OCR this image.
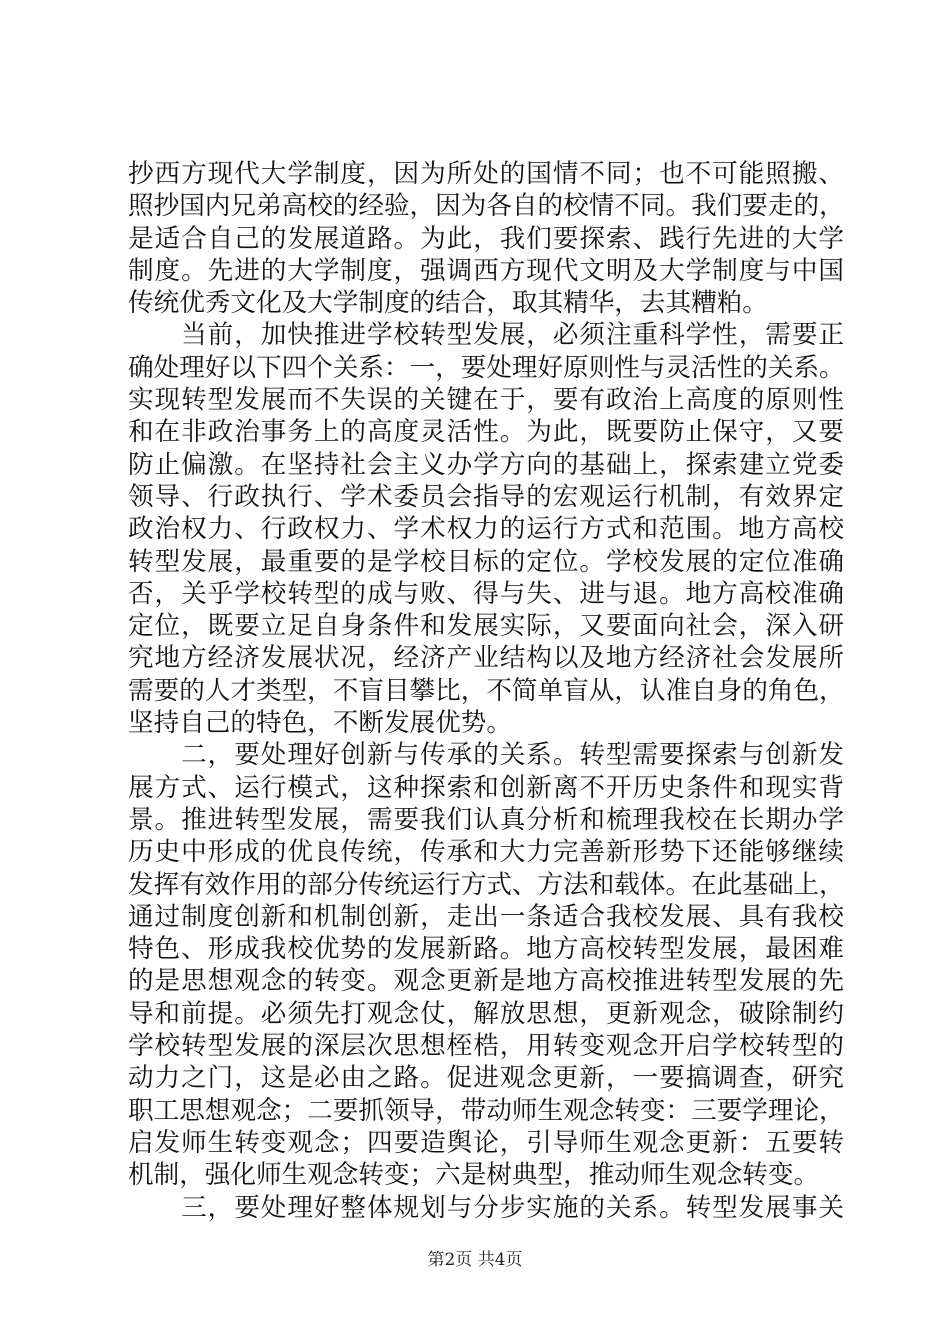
抄西方现代大学制度，因为所处的国情不同；也不可能照搬、
照抄国内兄弟高校的经验，因为各自的校情不同。我们要走的，
是适合自己的发展道路。为此，我们要探索、践行先进的大学
制度。先进的大学制度，强调西方现代文明及大学制度与中国
传统优秀文化及大学制度的结合，取其精华，去其糟粕。
　　当前，加快推进学校转型发展，必须注重科学性，需要正
确处理好以下四个关系：一，要处理好原则性与灵活性的关系。
实现转型发展而不失误的关键在于，要有政治上高度的原则性
和在非政治事务上的高度灵活性。为此，既要防止保守，又要
防止偏激。在坚持社会主义办学方向的基础上，探索建立党委
领导、行政执行、学术委员会指导的宏观运行机制，有效界定
政治权力、行政权力、学术权力的运行方式和范围。地方高校
转型发展，最重要的是学校目标的定位。学校发展的定位准确
否，关乎学校转型的成与败、得与失、进与退。地方高校准确
定位，既要立足自身条件和发展实际，又要面向社会，深入研
究地方经济发展状况，经济产业结构以及地方经济社会发展所
需要的人才类型，不盲目攀比，不简单盲从，认准自身的角色，
坚持自己的特色，不断发展优势。
　　二，要处理好创新与传承的关系。转型需要探索与创新发
展方式、运行模式，这种探索和创新离不开历史条件和现实背
景。推进转型发展，需要我们认真分析和梳理我校在长期办学
历史中形成的优良传统，传承和大力完善新形势下还能够继续
发挥有效作用的部分传统运行方式、方法和载体。在此基础上，
通过制度创新和机制创新，走出一条适合我校发展、具有我校
特色、形成我校优势的发展新路。地方高校转型发展，最困难
的是思想观念的转变。观念更新是地方高校推进转型发展的先
导和前提。必须先打观念仗，解放思想，更新观念，破除制约
学校转型发展的深层次思想桎梏，用转变观念开启学校转型的
动力之门，这是必由之路。促进观念更新，一要搞调查，研究
职工思想观念；二要抓领导，带动师生观念转变：三要学理论，
启发师生转变观念；四要造舆论，引导师生观念更新：五要转
机制，强化师生观念转变；六是树典型，推动师生观念转变。
　　三，要处理好整体规划与分步实施的关系。转型发展事关
第2页 共4页
